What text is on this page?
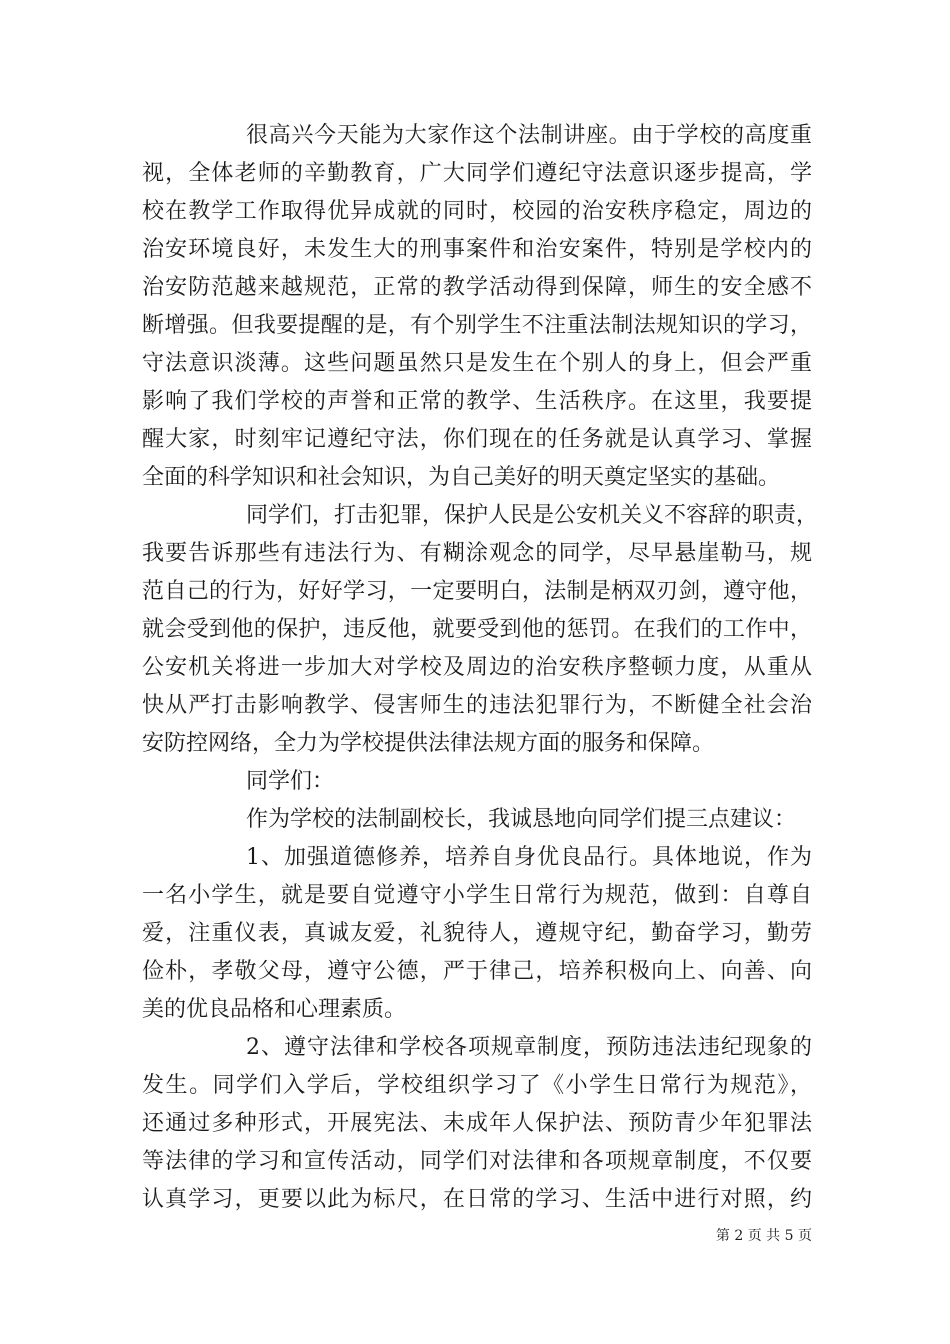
很高兴今天能为大家作这个法制讲座。由于学校的高度重
视，全体老师的辛勤教育，广大同学们遵纪守法意识逐步提高，学
校在教学工作取得优异成就的同时，校园的治安秩序稳定，周边的
治安环境良好，未发生大的刑事案件和治安案件，特别是学校内的
治安防范越来越规范，正常的教学活动得到保障，师生的安全感不
断增强。但我要提醒的是，有个别学生不注重法制法规知识的学习，
守法意识淡薄。这些问题虽然只是发生在个别人的身上，但会严重
影响了我们学校的声誉和正常的教学、生活秩序。在这里，我要提
醒大家，时刻牢记遵纪守法，你们现在的任务就是认真学习、掌握
全面的科学知识和社会知识，为自己美好的明天奠定坚实的基础。
同学们，打击犯罪，保护人民是公安机关义不容辞的职责，
我要告诉那些有违法行为、有糊涂观念的同学，尽早悬崖勒马，规
范自己的行为，好好学习，一定要明白，法制是柄双刃剑，遵守他，
就会受到他的保护，违反他，就要受到他的惩罚。在我们的工作中，
公安机关将进一步加大对学校及周边的治安秩序整顿力度，从重从
快从严打击影响教学、侵害师生的违法犯罪行为，不断健全社会治
安防控网络，全力为学校提供法律法规方面的服务和保障。
同学们：
作为学校的法制副校长，我诚恳地向同学们提三点建议：
1、加强道德修养，培养自身优良品行。具体地说，作为
一名小学生，就是要自觉遵守小学生日常行为规范，做到：自尊自
爱，注重仪表，真诚友爱，礼貌待人，遵规守纪，勤奋学习，勤劳
俭朴，孝敬父母，遵守公德，严于律己，培养积极向上、向善、向
美的优良品格和心理素质。
2、遵守法律和学校各项规章制度，预防违法违纪现象的
发生。同学们入学后，学校组织学习了《小学生日常行为规范》，
还通过多种形式，开展宪法、未成年人保护法、预防青少年犯罪法
等法律的学习和宣传活动，同学们对法律和各项规章制度，不仅要
认真学习，更要以此为标尺，在日常的学习、生活中进行对照，约
第 2 页 共 5 页
